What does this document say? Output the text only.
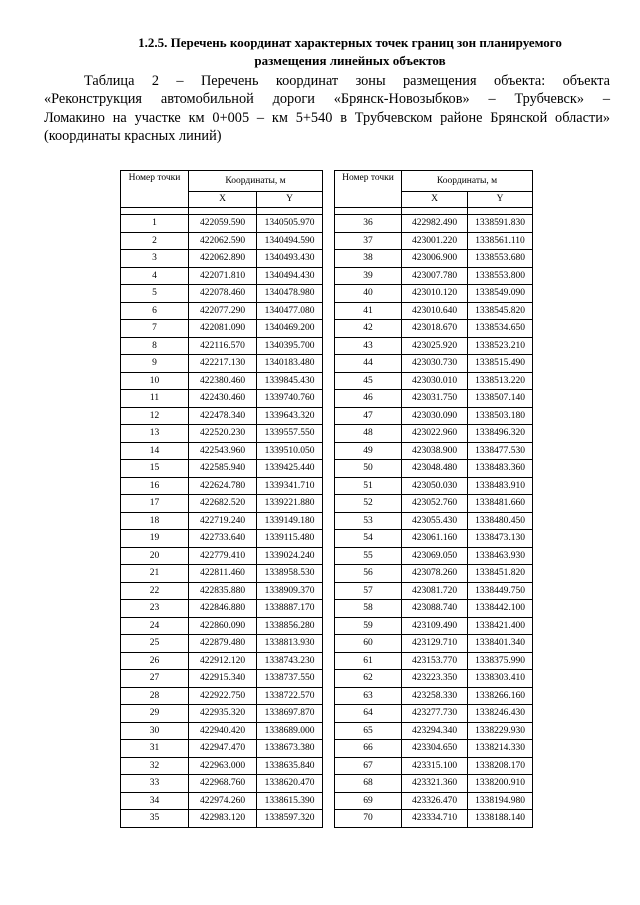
1.2.5. Перечень координат характерных точек границ зон планируемого
размещения линейных объектов
Таблица 2 – Перечень координат зоны размещения объекта: объекта
«Реконструкция автомобильной дороги «Брянск-Новозыбков» – Трубчевск» –
Ломакино на участке км 0+005 – км 5+540 в Трубчевском районе Брянской области»
(координаты красных линий)
Номер точки	Координаты, м	
	X	Y

1	422059.590	1340505.970
2	422062.590	1340494.590
3	422062.890	1340493.430
4	422071.810	1340494.430
5	422078.460	1340478.980
6	422077.290	1340477.080
7	422081.090	1340469.200
8	422116.570	1340395.700
9	422217.130	1340183.480
10	422380.460	1339845.430
11	422430.460	1339740.760
12	422478.340	1339643.320
13	422520.230	1339557.550
14	422543.960	1339510.050
15	422585.940	1339425.440
16	422624.780	1339341.710
17	422682.520	1339221.880
18	422719.240	1339149.180
19	422733.640	1339115.480
20	422779.410	1339024.240
21	422811.460	1338958.530
22	422835.880	1338909.370
23	422846.880	1338887.170
24	422860.090	1338856.280
25	422879.480	1338813.930
26	422912.120	1338743.230
27	422915.340	1338737.550
28	422922.750	1338722.570
29	422935.320	1338697.870
30	422940.420	1338689.000
31	422947.470	1338673.380
32	422963.000	1338635.840
33	422968.760	1338620.470
34	422974.260	1338615.390
35	422983.120	1338597.320
Номер точки	Координаты, м	
	X	Y

36	422982.490	1338591.830
37	423001.220	1338561.110
38	423006.900	1338553.680
39	423007.780	1338553.800
40	423010.120	1338549.090
41	423010.640	1338545.820
42	423018.670	1338534.650
43	423025.920	1338523.210
44	423030.730	1338515.490
45	423030.010	1338513.220
46	423031.750	1338507.140
47	423030.090	1338503.180
48	423022.960	1338496.320
49	423038.900	1338477.530
50	423048.480	1338483.360
51	423050.030	1338483.910
52	423052.760	1338481.660
53	423055.430	1338480.450
54	423061.160	1338473.130
55	423069.050	1338463.930
56	423078.260	1338451.820
57	423081.720	1338449.750
58	423088.740	1338442.100
59	423109.490	1338421.400
60	423129.710	1338401.340
61	423153.770	1338375.990
62	423223.350	1338303.410
63	423258.330	1338266.160
64	423277.730	1338246.430
65	423294.340	1338229.930
66	423304.650	1338214.330
67	423315.100	1338208.170
68	423321.360	1338200.910
69	423326.470	1338194.980
70	423334.710	1338188.140
